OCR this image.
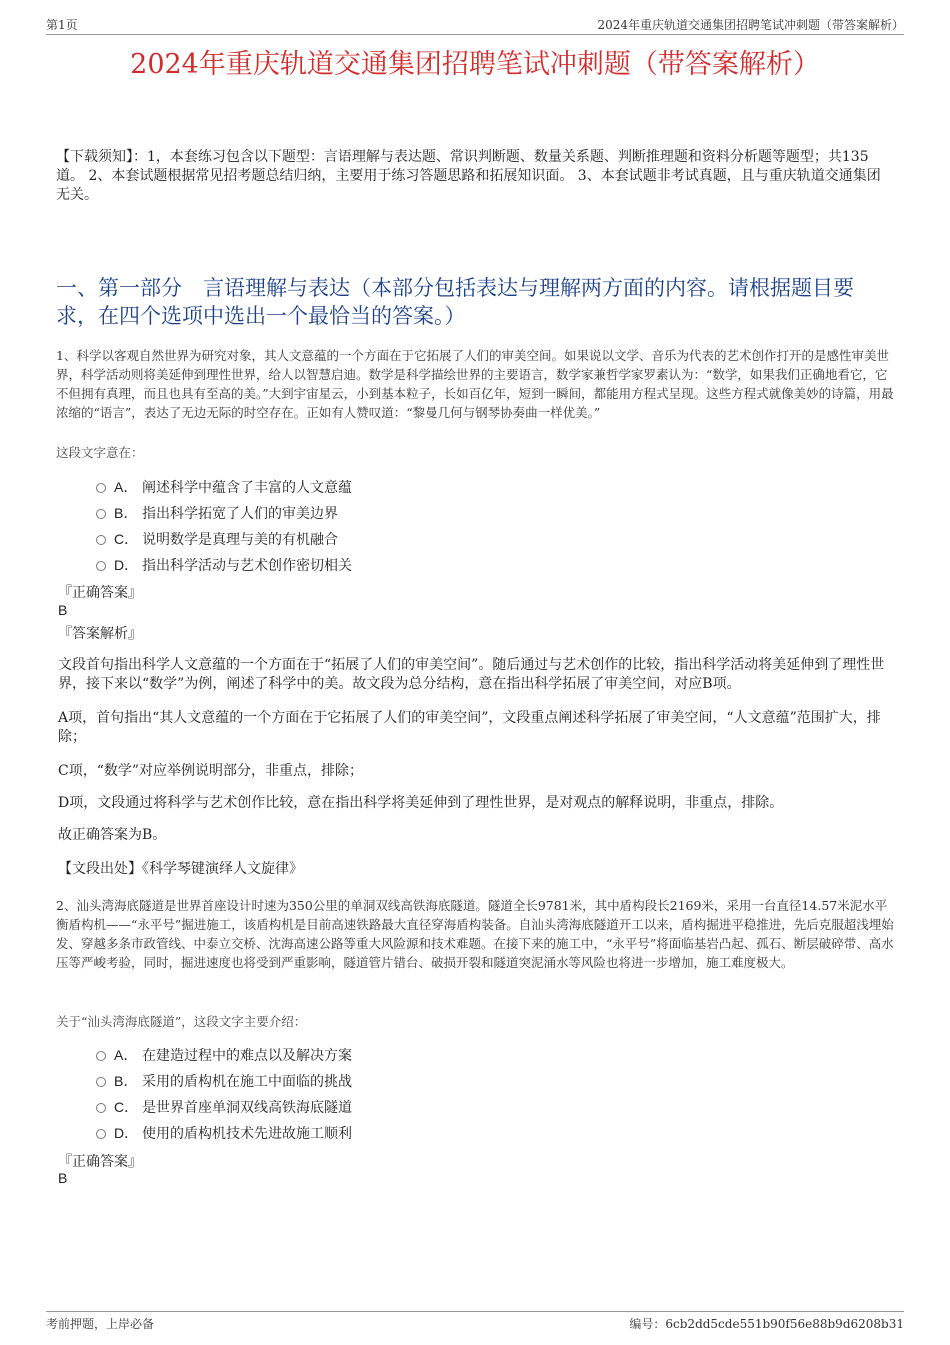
第1页	2024年重庆轨道交通集团招聘笔试冲刺题（带答案解析）
2024年重庆轨道交通集团招聘笔试冲刺题（带答案解析）
【下载须知】：1，本套练习包含以下题型：言语理解与表达题、常识判断题、数量关系题、判断推理题和资料分析题等题型；共135道。 2、本套试题根据常见招考题总结归纳，主要用于练习答题思路和拓展知识面。 3、本套试题非考试真题，且与重庆轨道交通集团无关。
一、第一部分　言语理解与表达（本部分包括表达与理解两方面的内容。请根据题目要求，在四个选项中选出一个最恰当的答案。）
1、科学以客观自然世界为研究对象，其人文意蕴的一个方面在于它拓展了人们的审美空间。如果说以文学、音乐为代表的艺术创作打开的是感性审美世界，科学活动则将美延伸到理性世界，给人以智慧启迪。数学是科学描绘世界的主要语言，数学家兼哲学家罗素认为：“数学，如果我们正确地看它，它不但拥有真理，而且也具有至高的美。”大到宇宙星云，小到基本粒子，长如百亿年，短到一瞬间，都能用方程式呈现。这些方程式就像美妙的诗篇，用最浓缩的“语言”，表达了无边无际的时空存在。正如有人赞叹道：“黎曼几何与钢琴协奏曲一样优美。”
这段文字意在：
A． 阐述科学中蕴含了丰富的人文意蕴
B． 指出科学拓宽了人们的审美边界
C． 说明数学是真理与美的有机融合
D． 指出科学活动与艺术创作密切相关
『正确答案』
B
『答案解析』
文段首句指出科学人文意蕴的一个方面在于“拓展了人们的审美空间”。随后通过与艺术创作的比较，指出科学活动将美延伸到了理性世界，接下来以“数学”为例，阐述了科学中的美。故文段为总分结构，意在指出科学拓展了审美空间，对应B项。
A项，首句指出“其人文意蕴的一个方面在于它拓展了人们的审美空间”，文段重点阐述科学拓展了审美空间，“人文意蕴”范围扩大，排除；
C项，“数学”对应举例说明部分，非重点，排除；
D项，文段通过将科学与艺术创作比较，意在指出科学将美延伸到了理性世界，是对观点的解释说明，非重点，排除。
故正确答案为B。
【文段出处】《科学琴键演绎人文旋律》
2、汕头湾海底隧道是世界首座设计时速为350公里的单洞双线高铁海底隧道。隧道全长9781米，其中盾构段长2169米，采用一台直径14.57米泥水平衡盾构机——“永平号”掘进施工，该盾构机是目前高速铁路最大直径穿海盾构装备。自汕头湾海底隧道开工以来，盾构掘进平稳推进，先后克服超浅埋始发、穿越多条市政管线、中泰立交桥、沈海高速公路等重大风险源和技术难题。在接下来的施工中，“永平号”将面临基岩凸起、孤石、断层破碎带、高水压等严峻考验，同时，掘进速度也将受到严重影响，隧道管片错台、破损开裂和隧道突泥涌水等风险也将进一步增加，施工难度极大。
关于“汕头湾海底隧道”，这段文字主要介绍：
A． 在建造过程中的难点以及解决方案
B． 采用的盾构机在施工中面临的挑战
C． 是世界首座单洞双线高铁海底隧道
D． 使用的盾构机技术先进故施工顺利
『正确答案』
B
考前押题，上岸必备	编号：6cb2dd5cde551b90f56e88b9d6208b31
